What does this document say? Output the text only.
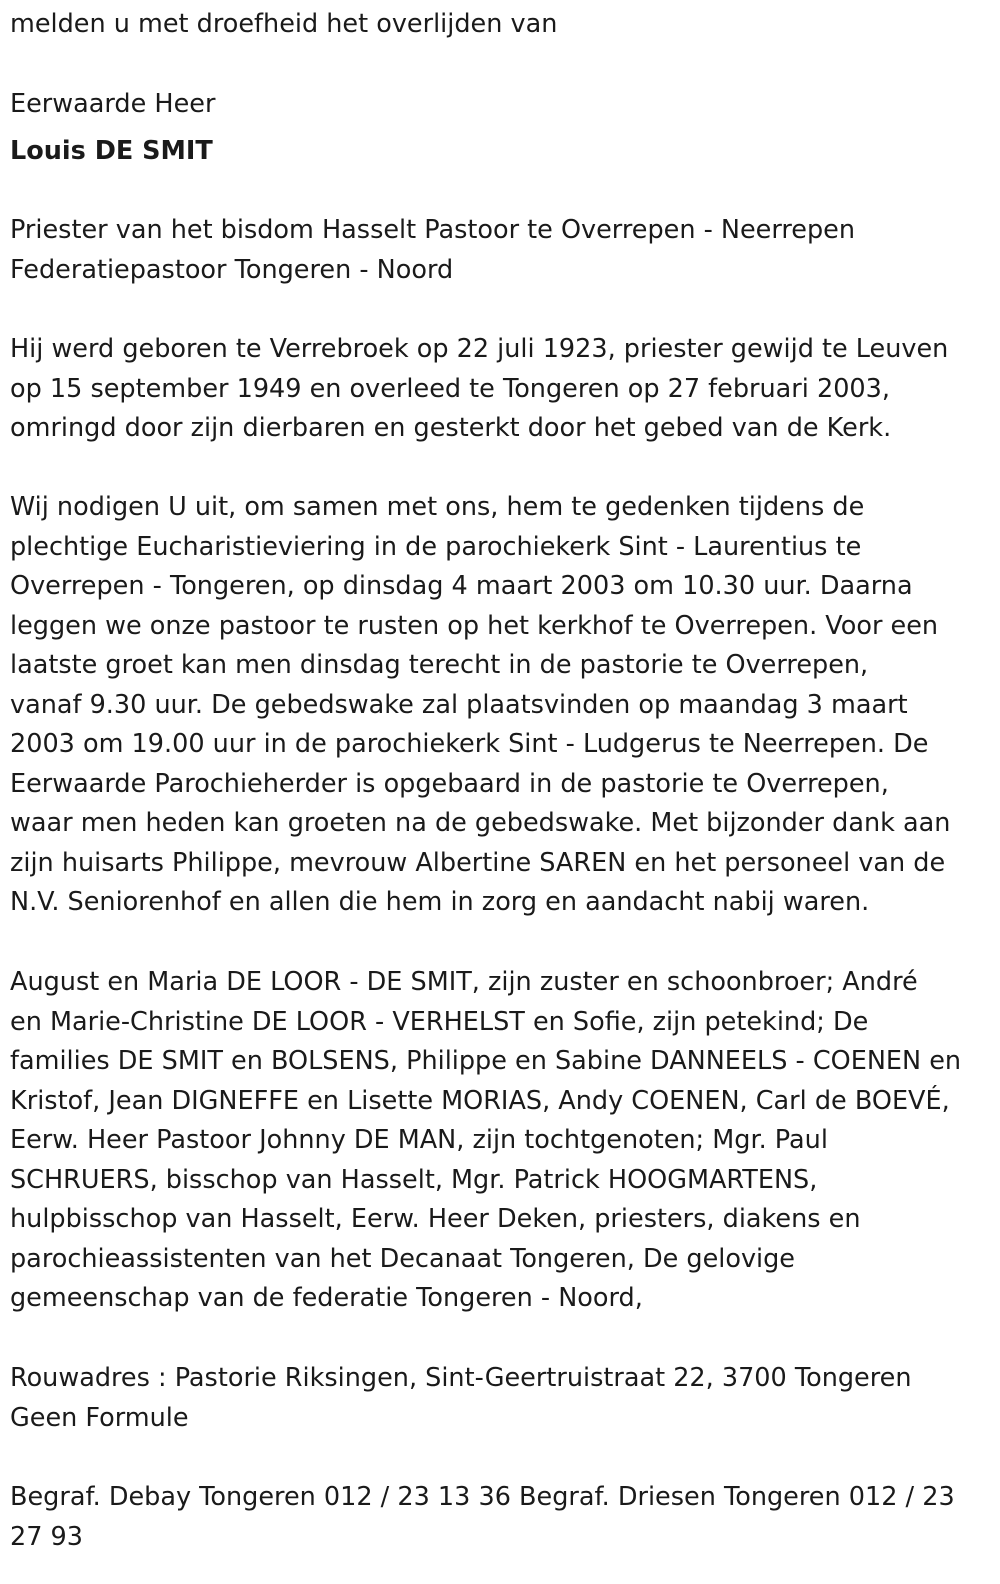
melden u met droefheid het overlijden van

Eerwaarde Heer

Louis DE SMIT

Priester van het bisdom Hasselt Pastoor te Overrepen - Neerrepen
Federatiepastoor Tongeren - Noord

Hij werd geboren te Verrebroek op 22 juli 1923, priester gewijd te Leuven
op 15 september 1949 en overleed te Tongeren op 27 februari 2003,
omringd door zijn dierbaren en gesterkt door het gebed van de Kerk.

Wij nodigen U uit, om samen met ons, hem te gedenken tijdens de
plechtige Eucharistieviering in de parochiekerk Sint - Laurentius te
Overrepen - Tongeren, op dinsdag 4 maart 2003 om 10.30 uur. Daarna
leggen we onze pastoor te rusten op het kerkhof te Overrepen. Voor een
laatste groet kan men dinsdag terecht in de pastorie te Overrepen,
vanaf 9.30 uur. De gebedswake zal plaatsvinden op maandag 3 maart
2003 om 19.00 uur in de parochiekerk Sint - Ludgerus te Neerrepen. De
Eerwaarde Parochieherder is opgebaard in de pastorie te Overrepen,
waar men heden kan groeten na de gebedswake. Met bijzonder dank aan
zijn huisarts Philippe, mevrouw Albertine SAREN en het personeel van de
N.V. Seniorenhof en allen die hem in zorg en aandacht nabij waren.

August en Maria DE LOOR - DE SMIT, zijn zuster en schoonbroer; André
en Marie-Christine DE LOOR - VERHELST en Sofie, zijn petekind; De
families DE SMIT en BOLSENS, Philippe en Sabine DANNEELS - COENEN en
Kristof, Jean DIGNEFFE en Lisette MORIAS, Andy COENEN, Carl de BOEVÉ,
Eerw. Heer Pastoor Johnny DE MAN, zijn tochtgenoten; Mgr. Paul
SCHRUERS, bisschop van Hasselt, Mgr. Patrick HOOGMARTENS,
hulpbisschop van Hasselt, Eerw. Heer Deken, priesters, diakens en
parochieassistenten van het Decanaat Tongeren, De gelovige
gemeenschap van de federatie Tongeren - Noord,

Rouwadres : Pastorie Riksingen, Sint-Geertruistraat 22, 3700 Tongeren
Geen Formule

Begraf. Debay Tongeren 012 / 23 13 36 Begraf. Driesen Tongeren 012 / 23
27 93
